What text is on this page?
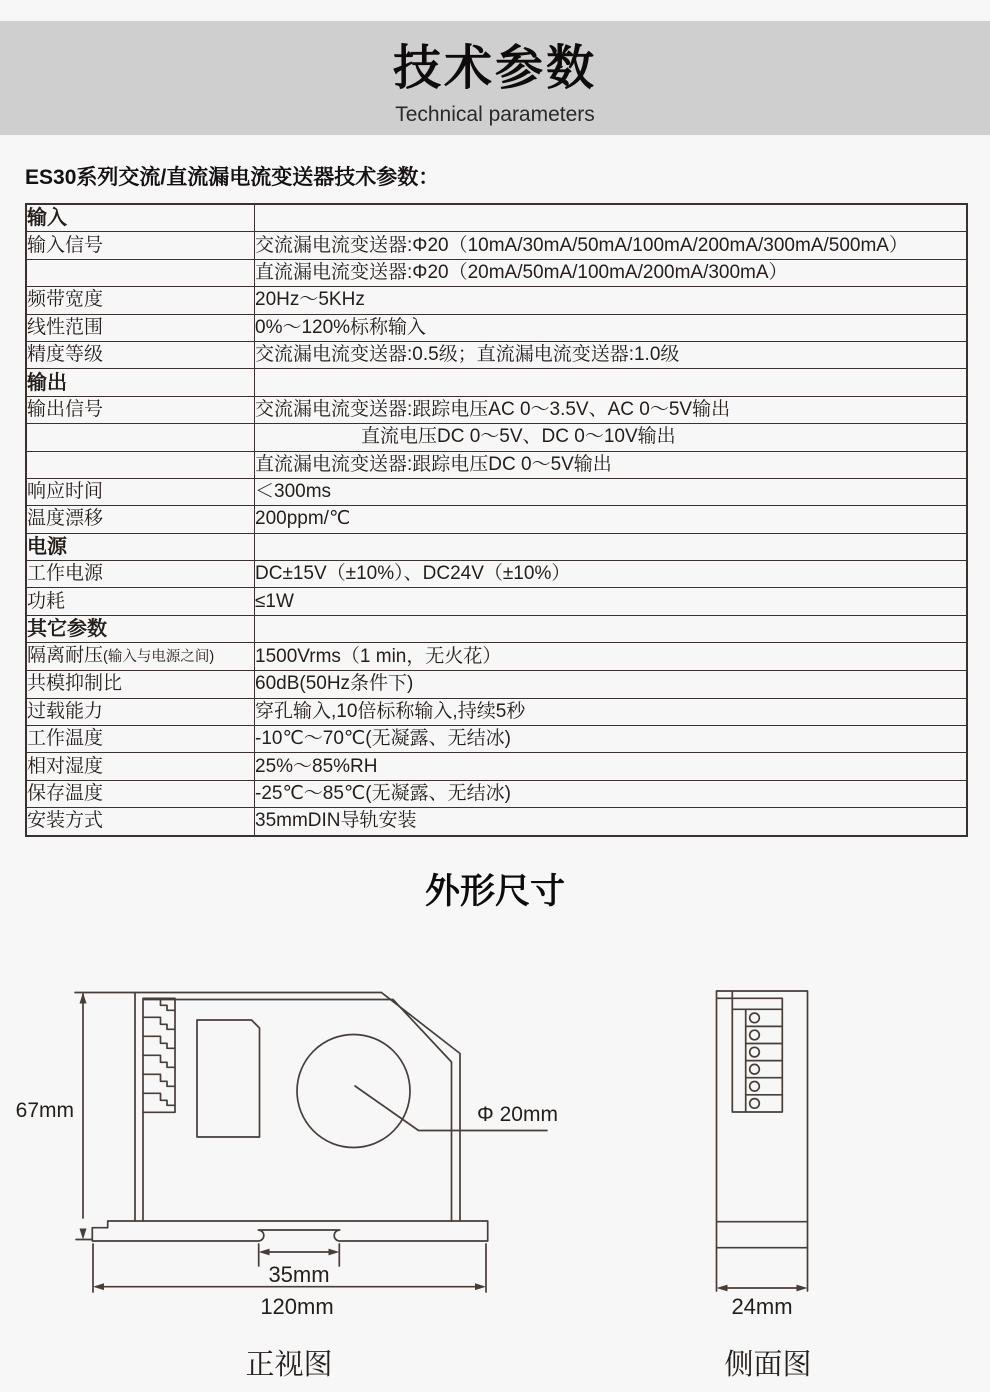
技术参数
Technical parameters
ES30系列交流/直流漏电流变送器技术参数：
输入	
输入信号	交流漏电流变送器:Φ20（10mA/30mA/50mA/100mA/200mA/300mA/500mA）
	直流漏电流变送器:Φ20（20mA/50mA/100mA/200mA/300mA）
频带宽度	20Hz～5KHz
线性范围	0%～120%标称输入
精度等级	交流漏电流变送器:0.5级；直流漏电流变送器:1.0级
输出	
输出信号	交流漏电流变送器:跟踪电压AC 0～3.5V、AC 0～5V输出
	直流电压DC 0～5V、DC 0～10V输出
	直流漏电流变送器:跟踪电压DC 0～5V输出
响应时间	＜300ms
温度漂移	200ppm/℃
电源	
工作电源	DC±15V（±10%）、DC24V（±10%）
功耗	≤1W
其它参数	
隔离耐压(输入与电源之间)	1500Vrms（1 min，无火花）
共模抑制比	60dB(50Hz条件下)
过载能力	穿孔输入,10倍标称输入,持续5秒
工作温度	-10℃～70℃(无凝露、无结冰)
相对湿度	25%～85%RH
保存温度	-25℃～85℃(无凝露、无结冰)
安装方式	35mmDIN导轨安装
外形尺寸
67mm	Φ 20mm
35mm
120mm	24mm
正视图	侧面图
